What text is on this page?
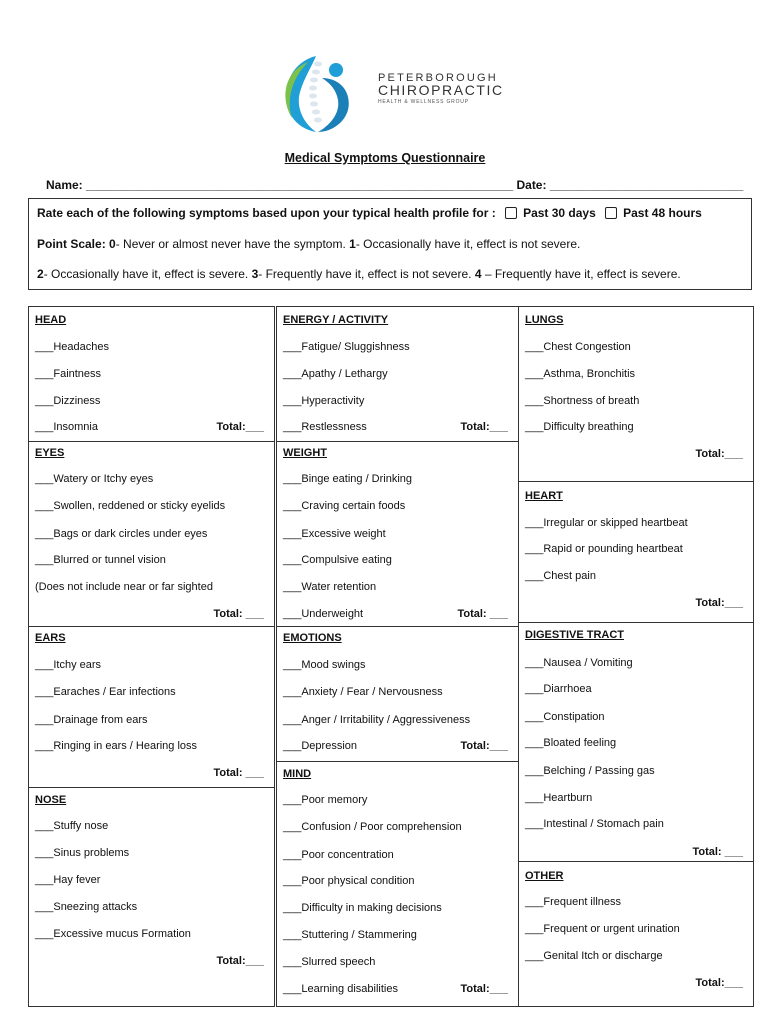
PETERBOROUGH
CHIROPRACTIC
HEALTH & WELLNESS GROUP
Medical Symptoms Questionnaire
Name: ________________________________________________________________ Date: _____________________________
Rate each of the following symptoms based upon your typical health profile for : Past 30 days Past 48 hours
Point Scale: 0- Never or almost never have the symptom. 1- Occasionally have it, effect is not severe.
2- Occasionally have it, effect is severe. 3- Frequently have it, effect is not severe. 4 – Frequently have it, effect is severe.
HEAD
___Headaches
___Faintness
___Dizziness
___Insomnia	Total:___
EYES
___Watery or Itchy eyes
___Swollen, reddened or sticky eyelids
___Bags or dark circles under eyes
___Blurred or tunnel vision
(Does not include near or far sighted
Total: ___
EARS
___Itchy ears
___Earaches / Ear infections
___Drainage from ears
___Ringing in ears / Hearing loss
Total: ___
NOSE
___Stuffy nose
___Sinus problems
___Hay fever
___Sneezing attacks
___Excessive mucus Formation
Total:___
ENERGY / ACTIVITY
___Fatigue/ Sluggishness
___Apathy / Lethargy
___Hyperactivity
___Restlessness	Total:___
WEIGHT
___Binge eating / Drinking
___Craving certain foods
___Excessive weight
___Compulsive eating
___Water retention
___Underweight	Total: ___
EMOTIONS
___Mood swings
___Anxiety / Fear / Nervousness
___Anger / Irritability / Aggressiveness
___Depression	Total:___
MIND
___Poor memory
___Confusion / Poor comprehension
___Poor concentration
___Poor physical condition
___Difficulty in making decisions
___Stuttering / Stammering
___Slurred speech
___Learning disabilities	Total:___
LUNGS
___Chest Congestion
___Asthma, Bronchitis
___Shortness of breath
___Difficulty breathing
Total:___
HEART
___Irregular or skipped heartbeat
___Rapid or pounding heartbeat
___Chest pain
Total:___
DIGESTIVE TRACT
___Nausea / Vomiting
___Diarrhoea
___Constipation
___Bloated feeling
___Belching / Passing gas
___Heartburn
___Intestinal / Stomach pain
Total: ___
OTHER
___Frequent illness
___Frequent or urgent urination
___Genital Itch or discharge
Total:___
